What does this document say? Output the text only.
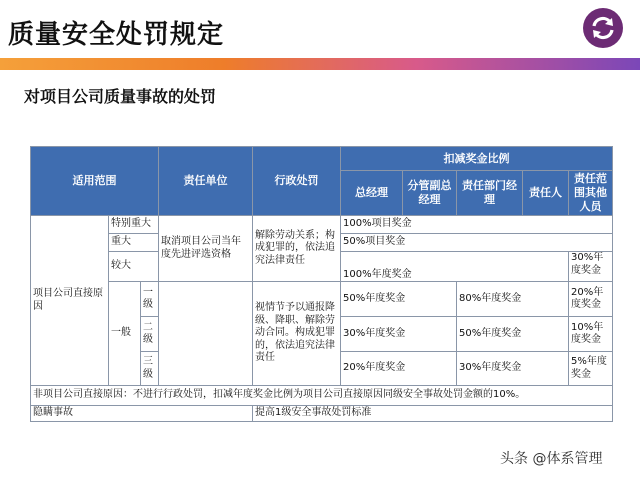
质量安全处罚规定
对项目公司质量事故的处罚
适用范围			责任单位	行政处罚	扣减奖金比例				
					总经理	分管副总经理	责任部门经理	责任人	责任范围其他人员
项目公司直接原因	特别重大		取消项目公司当年度先进评选资格	解除劳动关系；构成犯罪的，依法追究法律责任	100%项目奖金				
	重大				50%项目奖金				
	较大				100%年度奖金				30%年度奖金
	一般	一级		视情节予以通报降级、降职、解除劳动合同。构成犯罪的，依法追究法律责任	50%年度奖金		80%年度奖金		20%年度奖金
		二级			30%年度奖金		50%年度奖金		10%年度奖金
		三级			20%年度奖金		30%年度奖金		5%年度奖金
非项目公司直接原因：不进行行政处罚，扣减年度奖金比例为项目公司直接原因同级安全事故处罚金额的10%。									
隐瞒事故				提高1级安全事故处罚标准					
头条 @体系管理
